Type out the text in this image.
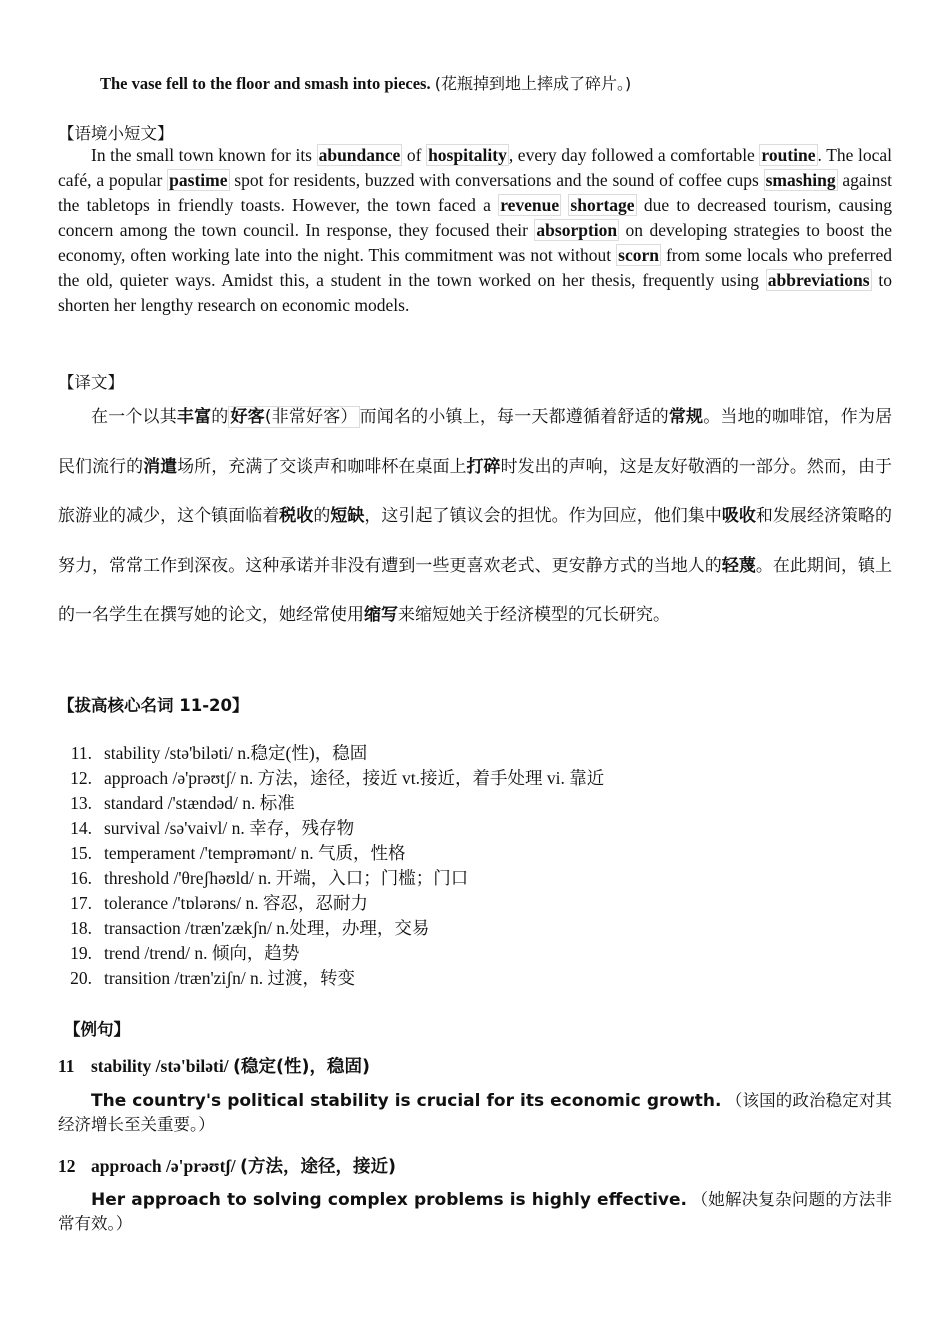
The vase fell to the floor and smash into pieces. (花瓶掉到地上摔成了碎片。)
【语境小短文】

In the small town known for its abundance of hospitality , every day followed a comfortable routine . The local café, a popular pastime spot for residents, buzzed with conversations and the sound of coffee cups smashing against the tabletops in friendly toasts. However, the town faced a revenue shortage due to decreased tourism, causing concern among the town council. In response, they focused their absorption on developing strategies to boost the economy, often working late into the night. This commitment was not without scorn from some locals who preferred the old, quieter ways. Amidst this, a student in the town worked on her thesis, frequently using abbreviations to shorten her lengthy research on economic models.

【译文】

在一个以其丰富的 好客(非常好客） 而闻名的小镇上，每一天都遵循着舒适的常规。当地的咖啡馆，作为居民们流行的消遣场所，充满了交谈声和咖啡杯在桌面上打碎时发出的声响，这是友好敬酒的一部分。然而，由于旅游业的减少，这个镇面临着税收的短缺，这引起了镇议会的担忧。作为回应，他们集中吸收和发展经济策略的努力，常常工作到深夜。这种承诺并非没有遭到一些更喜欢老式、更安静方式的当地人的轻蔑。在此期间，镇上的一名学生在撰写她的论文，她经常使用缩写来缩短她关于经济模型的冗长研究。

【拔高核心名词 11-20】
11. stability /stə'biləti/ n.稳定(性)，稳固
12. approach /ə'prəʊtʃ/ n. 方法，途径，接近 vt.接近，着手处理 vi. 靠近
13. standard /'stændəd/ n. 标准
14. survival /sə'vaivl/ n. 幸存，残存物
15. temperament /'temprəmənt/ n. 气质，性格
16. threshold /'θreʃhəʊld/ n. 开端，入口；门槛；门口
17. tolerance /'tɒlərəns/ n. 容忍，忍耐力
18. transaction /træn'zækʃn/ n.处理，办理，交易
19. trend /trend/ n. 倾向，趋势
20. transition /træn'ziʃn/ n. 过渡，转变
【例句】
11 stability /stə'biləti/ (稳定(性)，稳固)

The country's political stability is crucial for its economic growth. （该国的政治稳定对其经济增长至关重要。）

12 approach /ə'prəʊtʃ/ (方法，途径，接近)

Her approach to solving complex problems is highly effective. （她解决复杂问题的方法非常有效。）
